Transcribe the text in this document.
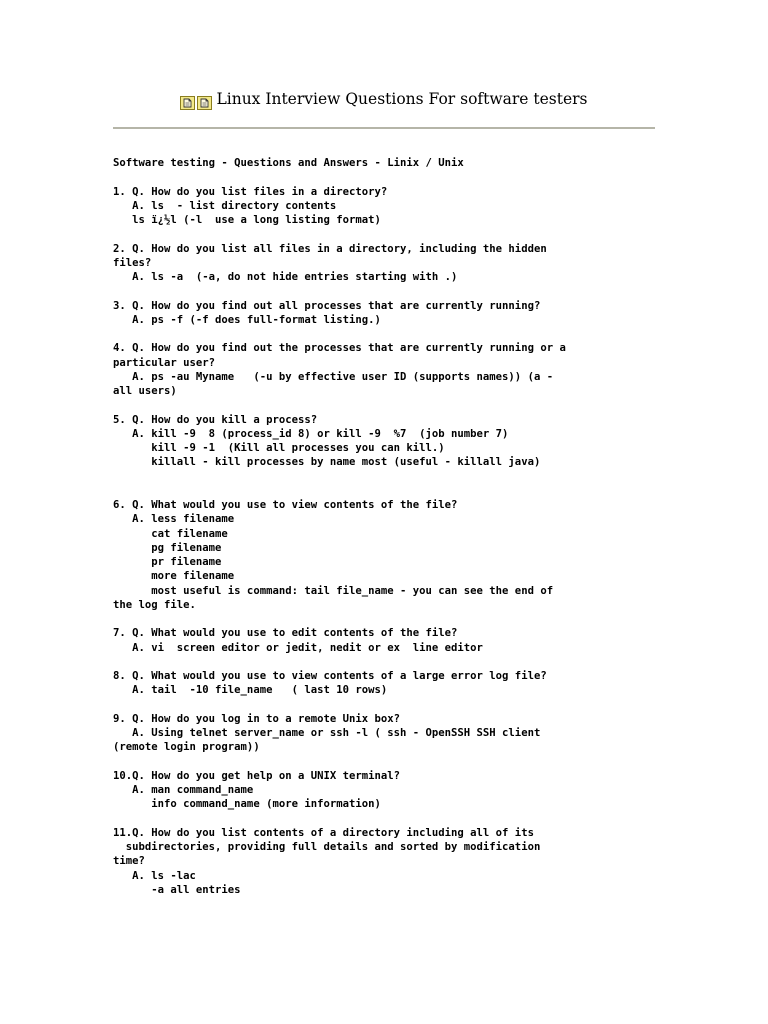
Linux Interview Questions For software testers
Software testing - Questions and Answers - Linix / Unix
1. Q. How do you list files in a directory?
A. ls  - list directory contents
ls ï¿½l (-l  use a long listing format)
2. Q. How do you list all files in a directory, including the hidden
files?
A. ls -a  (-a, do not hide entries starting with .)
3. Q. How do you find out all processes that are currently running?
A. ps -f (-f does full-format listing.)
4. Q. How do you find out the processes that are currently running or a
particular user?
A. ps -au Myname   (-u by effective user ID (supports names)) (a -
all users)
5. Q. How do you kill a process?
A. kill -9  8 (process_id 8) or kill -9  %7  (job number 7)
kill -9 -1  (Kill all processes you can kill.)
killall - kill processes by name most (useful - killall java)
6. Q. What would you use to view contents of the file?
A. less filename
cat filename
pg filename
pr filename
more filename
most useful is command: tail file_name - you can see the end of
the log file.
7. Q. What would you use to edit contents of the file?
A. vi  screen editor or jedit, nedit or ex  line editor
8. Q. What would you use to view contents of a large error log file?
A. tail  -10 file_name   ( last 10 rows)
9. Q. How do you log in to a remote Unix box?
A. Using telnet server_name or ssh -l ( ssh - OpenSSH SSH client
(remote login program))
10.Q. How do you get help on a UNIX terminal?
A. man command_name
info command_name (more information)
11.Q. How do you list contents of a directory including all of its
subdirectories, providing full details and sorted by modification
time?
A. ls -lac
-a all entries
